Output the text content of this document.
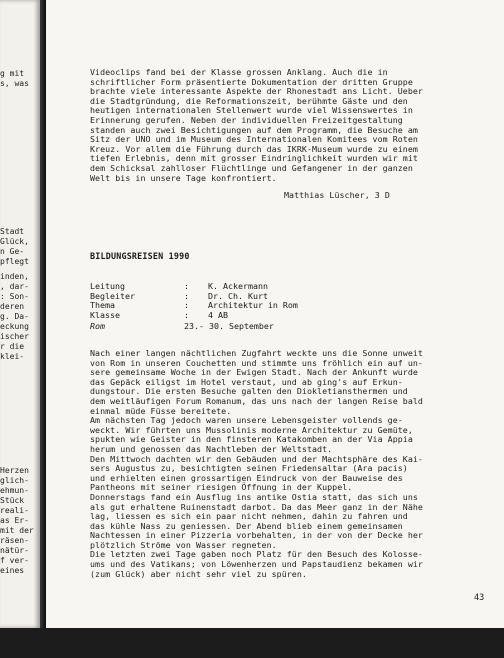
g mit
s, was
Stadt
Glück,
n Ge-
pflegt
inden,
, dar-
: Son-
deren
g. Da-
eckung
ischer
r die
klei-
Herzen
glich-
ehmun-
Stück
reali-
as Er-
mit der
räsen-
nätür-
f ver-
eines
Videoclips fand bei der Klasse grossen Anklang. Auch die in
schriftlicher Form präsentierte Dokumentation der dritten Gruppe
brachte viele interessante Aspekte der Rhonestadt ans Licht. Ueber
die Stadtgründung, die Reformationszeit, berühmte Gäste und den
heutigen internationalen Stellenwert wurde viel Wissenswertes in
Erinnerung gerufen. Neben der individuellen Freizeitgestaltung
standen auch zwei Besichtigungen auf dem Programm, die Besuche am
Sitz der UNO und im Museum des Internationalen Komitees vom Roten
Kreuz. Vor allem die Führung durch das IKRK-Museum wurde zu einem
tiefen Erlebnis, denn mit grosser Eindringlichkeit wurden wir mit
dem Schicksal zahlloser Flüchtlinge und Gefangener in der ganzen
Welt bis in unsere Tage konfrontiert.
Matthias Lüscher, 3 D
BILDUNGSREISEN 1990
Leitung	:	K. Ackermann
Begleiter	:	Dr. Ch. Kurt
Thema	:	Architektur in Rom
Klasse	:	4 AB
Rom	23.- 30. September
Nach einer langen nächtlichen Zugfahrt weckte uns die Sonne unweit
von Rom in unseren Couchetten und stimmte uns fröhlich ein auf un-
sere gemeinsame Woche in der Ewigen Stadt. Nach der Ankunft wurde
das Gepäck eiligst im Hotel verstaut, und ab ging's auf Erkun-
dungstour. Die ersten Besuche galten den Diokletiansthermen und
dem weitläufigen Forum Romanum, das uns nach der langen Reise bald
einmal müde Füsse bereitete.
Am nächsten Tag jedoch waren unsere Lebensgeister vollends ge-
weckt. Wir führten uns Mussolinis moderne Architektur zu Gemüte,
spukten wie Geister in den finsteren Katakomben an der Via Appia
herum und genossen das Nachtleben der Weltstadt.
Den Mittwoch dachten wir den Gebäuden und der Machtsphäre des Kai-
sers Augustus zu, besichtigten seinen Friedensaltar (Ara pacis)
und erhielten einen grossartigen Eindruck von der Bauweise des
Pantheons mit seiner riesigen Öffnung in der Kuppel.
Donnerstags fand ein Ausflug ins antike Ostia statt, das sich uns
als gut erhaltene Ruinenstadt darbot. Da das Meer ganz in der Nähe
lag, liessen es sich ein paar nicht nehmen, dahin zu fahren und
das kühle Nass zu geniessen. Der Abend blieb einem gemeinsamen
Nachtessen in einer Pizzeria vorbehalten, in der von der Decke her
plötzlich Ströme von Wasser regneten.
Die letzten zwei Tage gaben noch Platz für den Besuch des Kolosse-
ums und des Vatikans; von Löwenherzen und Papstaudienz bekamen wir
(zum Glück) aber nicht sehr viel zu spüren.
43
